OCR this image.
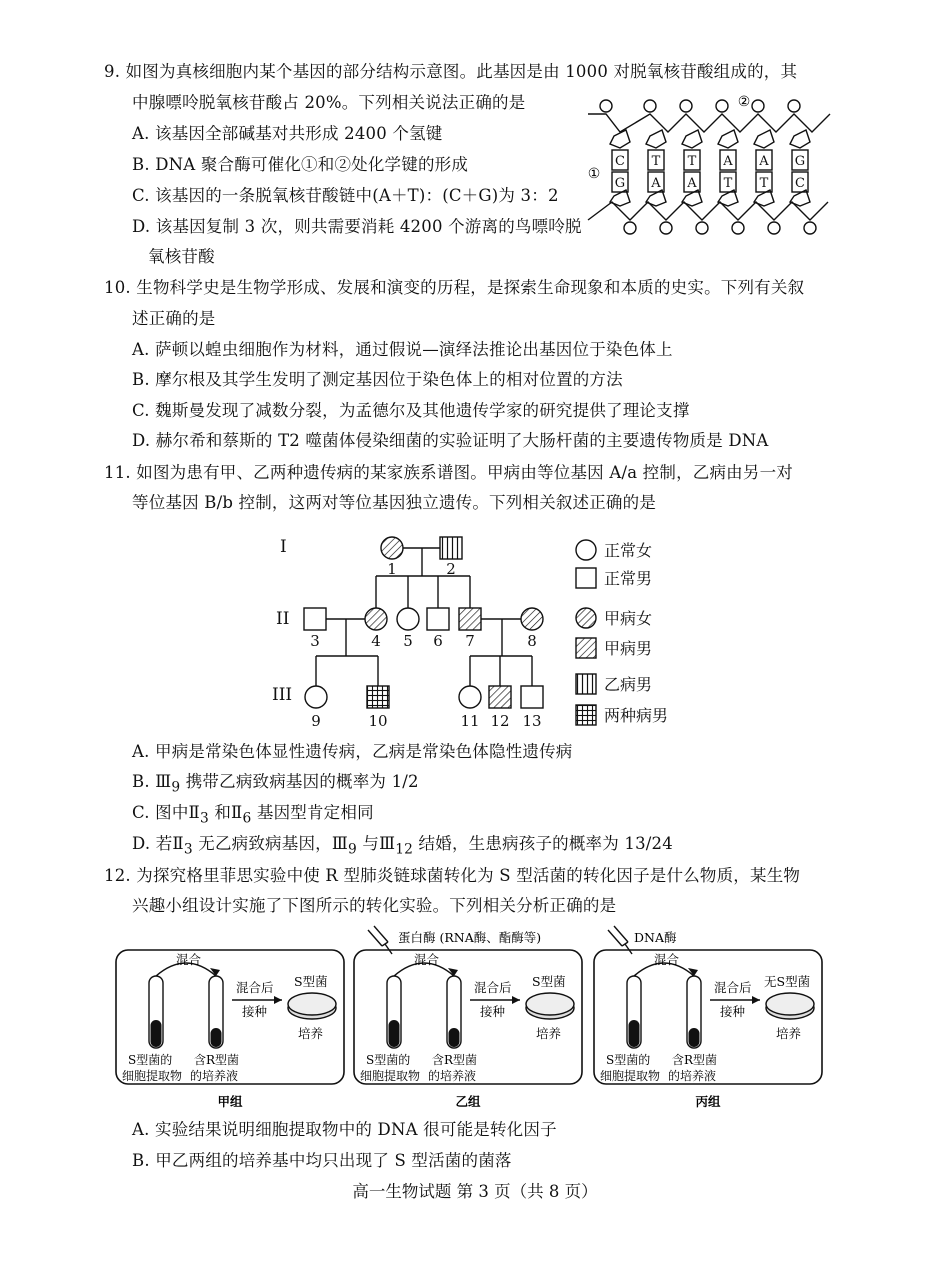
9. 如图为真核细胞内某个基因的部分结构示意图。此基因是由 1000 对脱氧核苷酸组成的，其
中腺嘌呤脱氧核苷酸占 20%。下列相关说法正确的是
A. 该基因全部碱基对共形成 2400 个氢键
B. DNA 聚合酶可催化①和②处化学键的形成
C. 该基因的一条脱氧核苷酸链中(A＋T)：(C＋G)为 3：2
D. 该基因复制 3 次，则共需要消耗 4200 个游离的鸟嘌呤脱
氧核苷酸
C T T A A G
G A A T T C
①
②
10. 生物科学史是生物学形成、发展和演变的历程，是探索生命现象和本质的史实。下列有关叙
述正确的是
A. 萨顿以蝗虫细胞作为材料，通过假说—演绎法推论出基因位于染色体上
B. 摩尔根及其学生发明了测定基因位于染色体上的相对位置的方法
C. 魏斯曼发现了减数分裂，为孟德尔及其他遗传学家的研究提供了理论支撑
D. 赫尔希和蔡斯的 T2 噬菌体侵染细菌的实验证明了大肠杆菌的主要遗传物质是 DNA
11. 如图为患有甲、乙两种遗传病的某家族系谱图。甲病由等位基因 A/a 控制，乙病由另一对
等位基因 B/b 控制，这两对等位基因独立遗传。下列相关叙述正确的是
I
II
III
1	2
3	4 5 6 7	8
9	10	11 12 13
正常女
正常男
甲病女
甲病男
乙病男
两种病男
A. 甲病是常染色体显性遗传病，乙病是常染色体隐性遗传病
B. $Ⅲ_9$ 携带乙病致病基因的概率为 1/2
C. 图中$Ⅱ_3$ 和$Ⅱ_6$ 基因型肯定相同
D. 若$Ⅱ_3$ 无乙病致病基因，$Ⅲ_9$ 与$Ⅲ_{12}$ 结婚，生患病孩子的概率为 13/24
12. 为探究格里菲思实验中使 R 型肺炎链球菌转化为 S 型活菌的转化因子是什么物质，某生物
兴趣小组设计实施了下图所示的转化实验。下列相关分析正确的是
蛋白酶 (RNA酶、酯酶等)	DNA酶
混合
混合后
接种
S型菌
培养
S型菌的
细胞提取物
含R型菌
的培养液
混合
混合后
接种
S型菌
培养
S型菌的
细胞提取物
含R型菌
的培养液
混合
混合后
接种
无S型菌
培养
S型菌的
细胞提取物
含R型菌
的培养液
甲组	乙组	丙组
A. 实验结果说明细胞提取物中的 DNA 很可能是转化因子
B. 甲乙两组的培养基中均只出现了 S 型活菌的菌落
高一生物试题 第 3 页（共 8 页）
